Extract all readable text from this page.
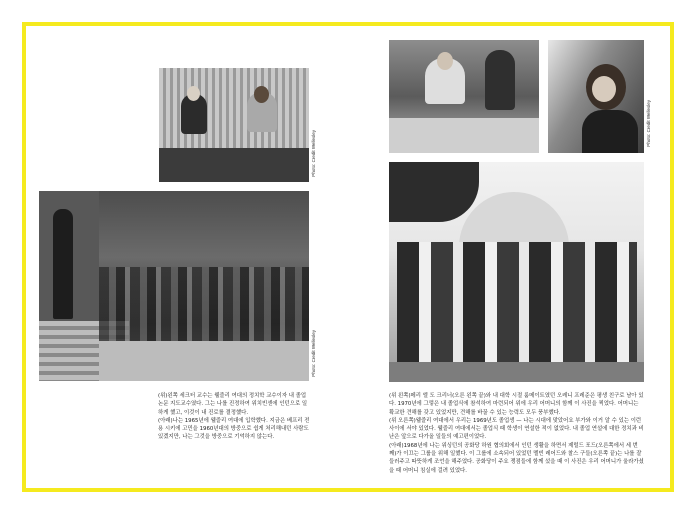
Photo: Credit Wellesley
Photo: Credit Wellesley
Photo: Credit Wellesley

(위)왼쪽 세크터 교수는 웰즐리 여대의 정치학 교수이자 내 졸업 논문 지도교수였다. 그는 나를 진정하여 위치빈센에 인턴으로 일하게 했고, 이것이 내 진로를 결정했다.

(아래)나는 1965년에 웰즐리 여대에 입학했다. 지금은 베프리 전용 시키에 고민을 1960년대의 방중으로 쉽게 처리해내던 사람도 있겠지만, 나는 그것을 방중으로 기억하지 않는다.

(위 왼쪽)메리 엘 도 크리너(오른 왼쪽 끝)와 내 대학 시절 룸메이트였던 오레니 프레준은 평생 친구로 남아 있다. 1970년에 그렇은 내 졸업식에 참석하여 마련되어 위에 우리 어머니의 함께 이 사진을 찍었다. 어머니는 확교한 견해를 갖고 있었지만, 견해를 바꿀 수 있는 능력도 모두 풍부했다.

(위 오른쪽)웰즐리 여대에서 우리는 1969년도 졸업생 — 나는 시대에 맞았어요 부가와 이거 알 수 있는 이런 사이에 서야 있었다. 웰즐리 여대에서는 졸업식 때 학생이 연설한 적이 없었다. 내 졸업 연설에 대한 정치과 비난은 앞으로 다가올 일들의 예고편이었다.

(아래)1968년에 나는 위싱턴의 공화당 하원 협의회에서 인턴 생활을 하면서 제럴드 포드(오른쪽에서 세 번째)가 이끄는 그룹을 위해 일했다. 이 그룹에 소속되어 있었던 멜빈 레어드와 찰스 구들(오른쪽 끝)는 나를 잘 들러주고 따뜻하게 조언을 해주었다. 공화당이 주요 쟁점들에 함께 섰을 때 이 사진은 우리 어머니가 울라가셨을 때 어머니 침실에 걸려 있었다.
